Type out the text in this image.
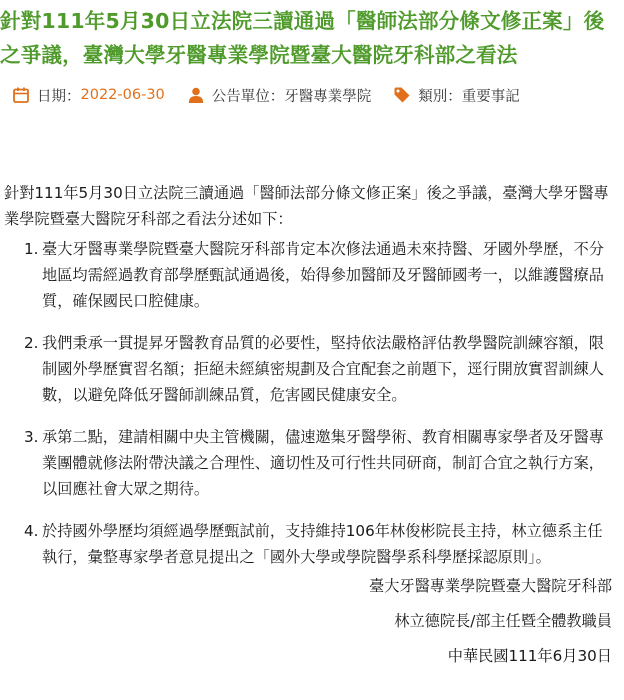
針對111年5月30日立法院三讀通過「醫師法部分條文修正案」後之爭議，臺灣大學牙醫專業學院暨臺大醫院牙科部之看法
日期： 2022-06-30	公告單位： 牙醫專業學院	類別： 重要事記

針對111年5月30日立法院三讀通過「醫師法部分條文修正案」後之爭議，臺灣大學牙醫專業學院暨臺大醫院牙科部之看法分述如下：

1. 臺大牙醫專業學院暨臺大醫院牙科部肯定本次修法通過未來持醫、牙國外學歷，不分地區均需經過教育部學歷甄試通過後，始得參加醫師及牙醫師國考一，以維護醫療品質，確保國民口腔健康。
2. 我們秉承一貫提昇牙醫教育品質的必要性，堅持依法嚴格評估教學醫院訓練容額，限制國外學歷實習名額；拒絕未經縝密規劃及合宜配套之前題下，逕行開放實習訓練人數，以避免降低牙醫師訓練品質，危害國民健康安全。
3. 承第二點，建請相關中央主管機關，儘速邀集牙醫學術、教育相關專家學者及牙醫專業團體就修法附帶決議之合理性、適切性及可行性共同研商，制訂合宜之執行方案，以回應社會大眾之期待。
4. 於持國外學歷均須經過學歷甄試前，支持維持106年林俊彬院長主持，林立德系主任執行，彙整專家學者意見提出之「國外大學或學院醫學系科學歷採認原則」。
臺大牙醫專業學院暨臺大醫院牙科部
林立德院長/部主任暨全體教職員
中華民國111年6月30日
